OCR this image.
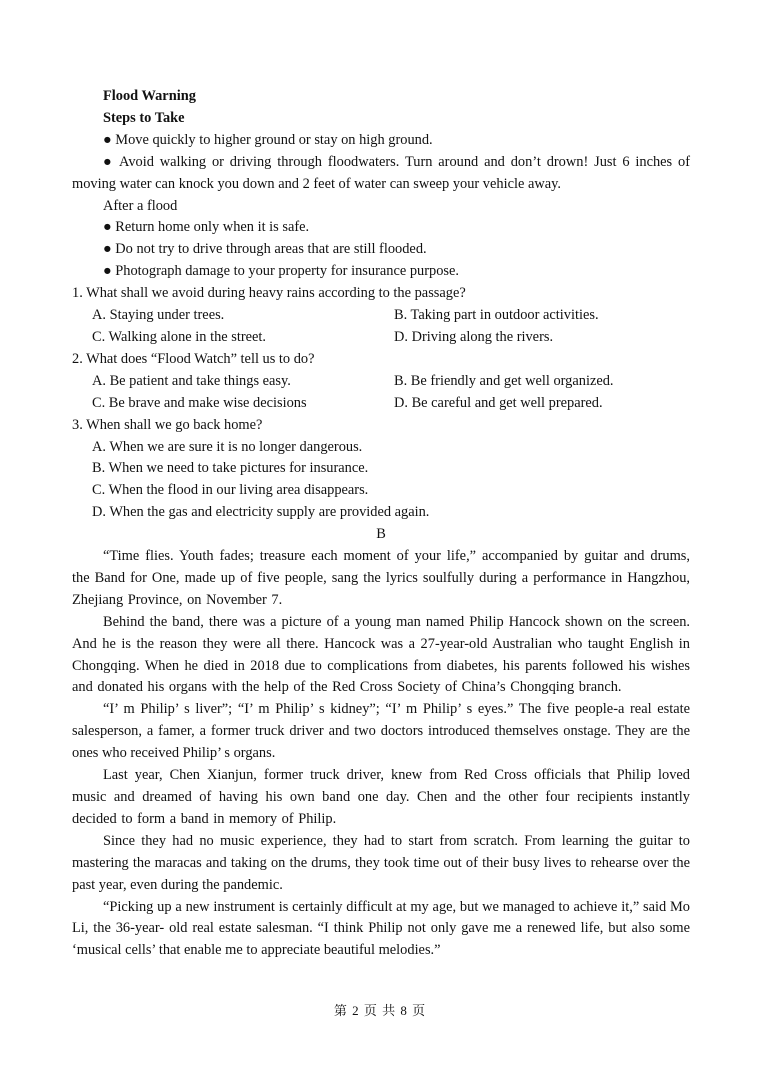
Flood Warning
Steps to Take

● Move quickly to higher ground or stay on high ground.

● Avoid walking or driving through floodwaters. Turn around and don’t drown! Just 6 inches of moving water can knock you down and 2 feet of water can sweep your vehicle away.

After a flood
● Return home only when it is safe.
● Do not try to drive through areas that are still flooded.
● Photograph damage to your property for insurance purpose.
1. What shall we avoid during heavy rains according to the passage?
A. Staying under trees.	B. Taking part in outdoor activities.
C. Walking alone in the street.	D. Driving along the rivers.
2. What does “Flood Watch” tell us to do?
A. Be patient and take things easy.	B. Be friendly and get well organized.
C. Be brave and make wise decisions	D. Be careful and get well prepared.
3. When shall we go back home?
A. When we are sure it is no longer dangerous.
B. When we need to take pictures for insurance.
C. When the flood in our living area disappears.
D. When the gas and electricity supply are provided again.
B

“Time flies. Youth fades; treasure each moment of your life,” accompanied by guitar and drums, the Band for One, made up of five people, sang the lyrics soulfully during a performance in Hangzhou, Zhejiang Province, on November 7.

Behind the band, there was a picture of a young man named Philip Hancock shown on the screen. And he is the reason they were all there. Hancock was a 27-year-old Australian who taught English in Chongqing. When he died in 2018 due to complications from diabetes, his parents followed his wishes and donated his organs with the help of the Red Cross Society of China’s Chongqing branch.

“I’ m Philip’ s liver”; “I’ m Philip’ s kidney”; “I’ m Philip’ s eyes.” The five people-a real estate salesperson, a famer, a former truck driver and two doctors introduced themselves onstage. They are the ones who received Philip’ s organs.

Last year, Chen Xianjun, former truck driver, knew from Red Cross officials that Philip loved music and dreamed of having his own band one day. Chen and the other four recipients instantly decided to form a band in memory of Philip.

Since they had no music experience, they had to start from scratch. From learning the guitar to mastering the maracas and taking on the drums, they took time out of their busy lives to rehearse over the past year, even during the pandemic.

“Picking up a new instrument is certainly difficult at my age, but we managed to achieve it,” said Mo Li, the 36-year- old real estate salesman. “I think Philip not only gave me a renewed life, but also some ‘musical cells’ that enable me to appreciate beautiful melodies.”

第 2 页 共 8 页
